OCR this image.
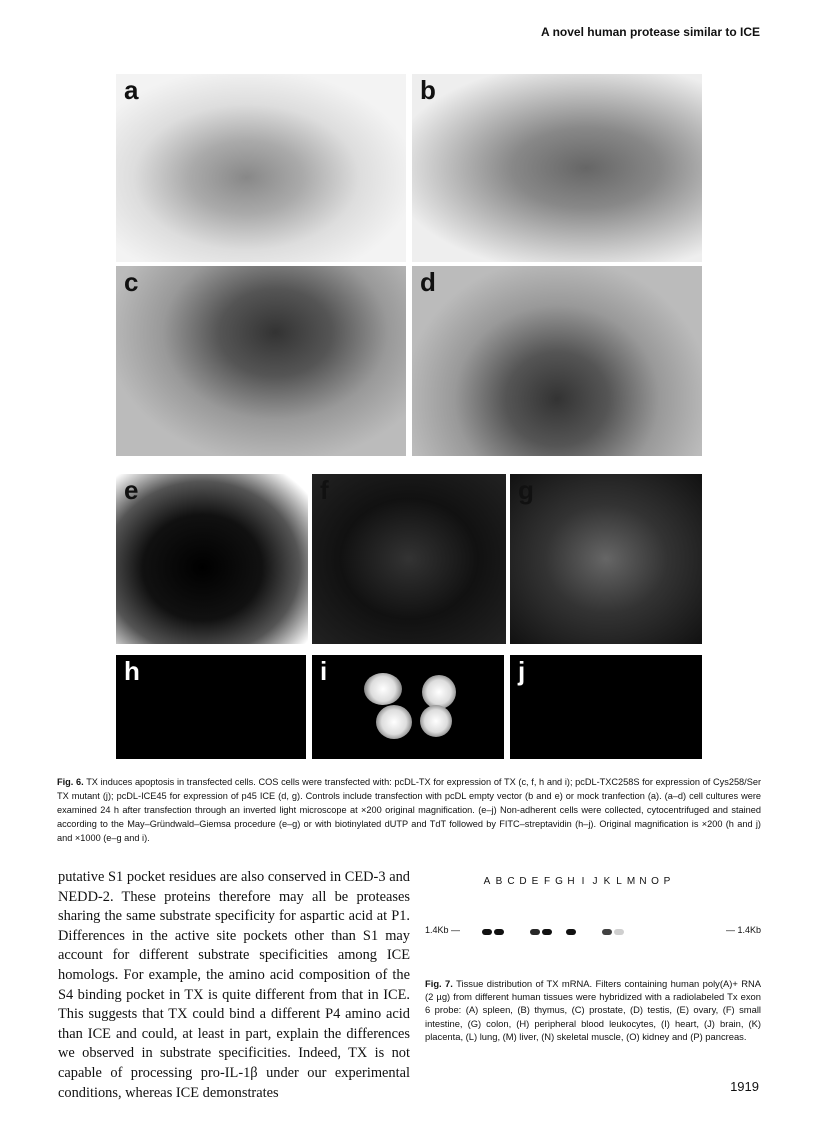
A novel human protease similar to ICE
a	b
c	d
e	f	g
h	i	j
Fig. 6. TX induces apoptosis in transfected cells. COS cells were transfected with: pcDL-TX for expression of TX (c, f, h and i); pcDL-TXC258S for expression of Cys258/Ser TX mutant (j); pcDL-ICE45 for expression of p45 ICE (d, g). Controls include transfection with pcDL empty vector (b and e) or mock tranfection (a). (a–d) cell cultures were examined 24 h after transfection through an inverted light microscope at ×200 original magnification. (e–j) Non-adherent cells were collected, cytocentrifuged and stained according to the May–Gründwald–Giemsa procedure (e–g) or with biotinylated dUTP and TdT followed by FITC–streptavidin (h–j). Original magnification is ×200 (h and j) and ×1000 (e–g and i).
putative S1 pocket residues are also conserved in CED-3 and NEDD-2. These proteins therefore may all be proteases sharing the same substrate specificity for aspartic acid at P1. Differences in the active site pockets other than S1 may account for different substrate specificities among ICE homologs. For example, the amino acid composition of the S4 binding pocket in TX is quite different from that in ICE. This suggests that TX could bind a different P4 amino acid than ICE and could, at least in part, explain the differences we observed in substrate specificities. Indeed, TX is not capable of processing pro-IL-1β under our experimental conditions, whereas ICE demonstrates
A B C D E F G H I J K L M N O P
1.4Kb —	— 1.4Kb
Fig. 7. Tissue distribution of TX mRNA. Filters containing human poly(A)+ RNA (2 µg) from different human tissues were hybridized with a radiolabeled Tx exon 6 probe: (A) spleen, (B) thymus, (C) prostate, (D) testis, (E) ovary, (F) small intestine, (G) colon, (H) peripheral blood leukocytes, (I) heart, (J) brain, (K) placenta, (L) lung, (M) liver, (N) skeletal muscle, (O) kidney and (P) pancreas.
1919
